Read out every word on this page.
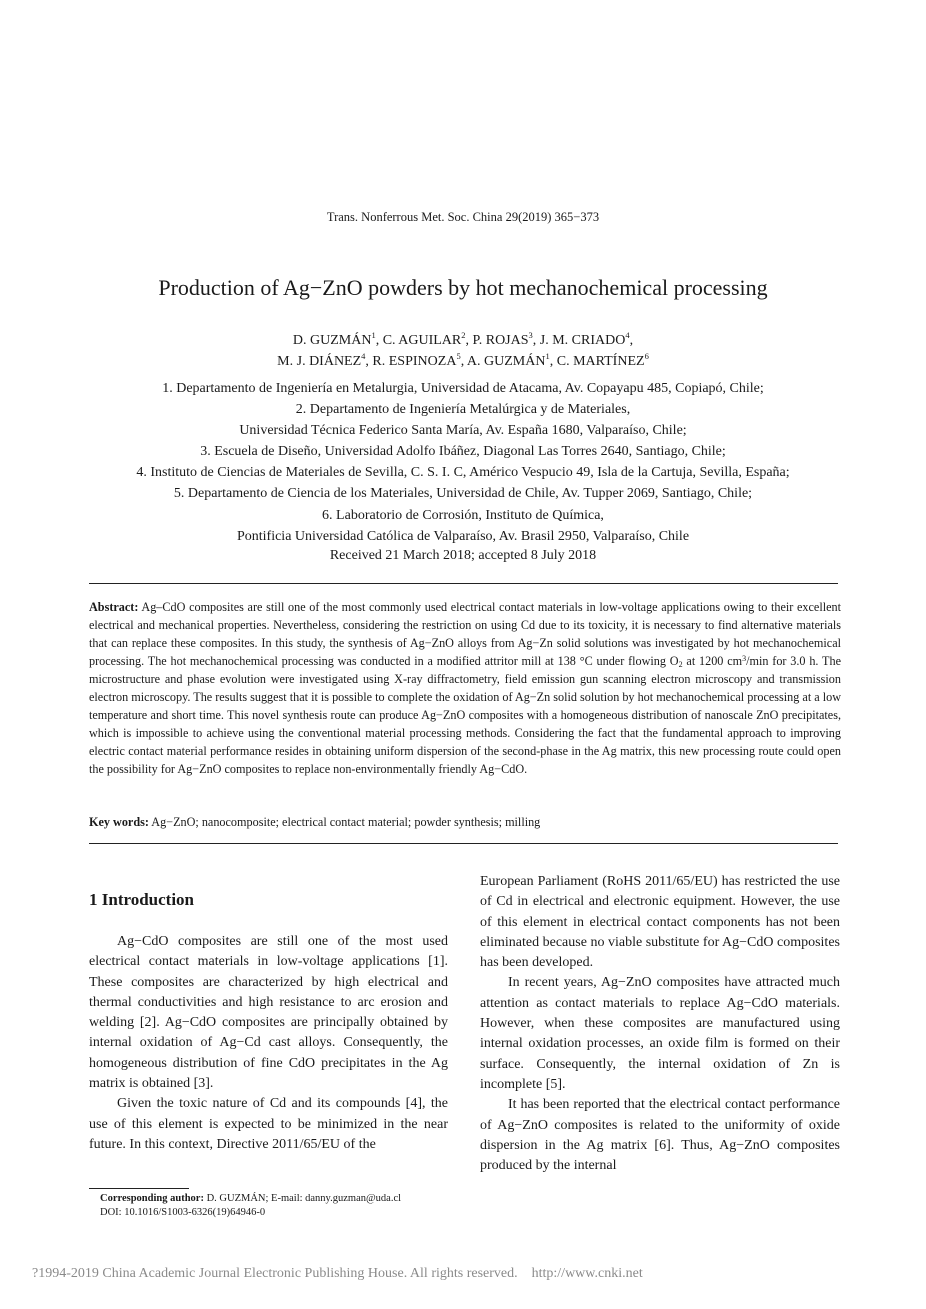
Trans. Nonferrous Met. Soc. China 29(2019) 365−373
Production of Ag−ZnO powders by hot mechanochemical processing
D. GUZMÁN$^1$, C. AGUILAR$^2$, P. ROJAS$^3$, J. M. CRIADO$^4$,
M. J. DIÁNEZ$^4$, R. ESPINOZA$^5$, A. GUZMÁN$^1$, C. MARTÍNEZ$^6$
1. Departamento de Ingeniería en Metalurgia, Universidad de Atacama, Av. Copayapu 485, Copiapó, Chile;
2. Departamento de Ingeniería Metalúrgica y de Materiales,
Universidad Técnica Federico Santa María, Av. España 1680, Valparaíso, Chile;
3. Escuela de Diseño, Universidad Adolfo Ibáñez, Diagonal Las Torres 2640, Santiago, Chile;
4. Instituto de Ciencias de Materiales de Sevilla, C. S. I. C, Américo Vespucio 49, Isla de la Cartuja, Sevilla, España;
5. Departamento de Ciencia de los Materiales, Universidad de Chile, Av. Tupper 2069, Santiago, Chile;
6. Laboratorio de Corrosión, Instituto de Química,
Pontificia Universidad Católica de Valparaíso, Av. Brasil 2950, Valparaíso, Chile
Received 21 March 2018; accepted 8 July 2018
Abstract: Ag–CdO composites are still one of the most commonly used electrical contact materials in low-voltage applications owing to their excellent electrical and mechanical properties. Nevertheless, considering the restriction on using Cd due to its toxicity, it is necessary to find alternative materials that can replace these composites. In this study, the synthesis of Ag−ZnO alloys from Ag−Zn solid solutions was investigated by hot mechanochemical processing. The hot mechanochemical processing was conducted in a modified attritor mill at 138 °C under flowing $O_2$ at 1200 $cm^3/\min$ for 3.0 h. The microstructure and phase evolution were investigated using X-ray diffractometry, field emission gun scanning electron microscopy and transmission electron microscopy. The results suggest that it is possible to complete the oxidation of Ag−Zn solid solution by hot mechanochemical processing at a low temperature and short time. This novel synthesis route can produce Ag−ZnO composites with a homogeneous distribution of nanoscale ZnO precipitates, which is impossible to achieve using the conventional material processing methods. Considering the fact that the fundamental approach to improving electric contact material performance resides in obtaining uniform dispersion of the second-phase in the Ag matrix, this new processing route could open the possibility for Ag−ZnO composites to replace non-environmentally friendly Ag−CdO.
Key words: Ag−ZnO; nanocomposite; electrical contact material; powder synthesis; milling
1 Introduction

Ag−CdO composites are still one of the most used electrical contact materials in low-voltage applications [1]. These composites are characterized by high electrical and thermal conductivities and high resistance to arc erosion and welding [2]. Ag−CdO composites are principally obtained by internal oxidation of Ag−Cd cast alloys. Consequently, the homogeneous distribution of fine CdO precipitates in the Ag matrix is obtained [3].

Given the toxic nature of Cd and its compounds [4], the use of this element is expected to be minimized in the near future. In this context, Directive 2011/65/EU of the

European Parliament (RoHS 2011/65/EU) has restricted the use of Cd in electrical and electronic equipment. However, the use of this element in electrical contact components has not been eliminated because no viable substitute for Ag−CdO composites has been developed.

In recent years, Ag−ZnO composites have attracted much attention as contact materials to replace Ag−CdO materials. However, when these composites are manufactured using internal oxidation processes, an oxide film is formed on their surface. Consequently, the internal oxidation of Zn is incomplete [5].

It has been reported that the electrical contact performance of Ag−ZnO composites is related to the uniformity of oxide dispersion in the Ag matrix [6]. Thus, Ag−ZnO composites produced by the internal

Corresponding author: D. GUZMÁN; E-mail: danny.guzman@uda.cl
DOI: 10.1016/S1003-6326(19)64946-0
?1994-2019 China Academic Journal Electronic Publishing House. All rights reserved.    http://www.cnki.net
